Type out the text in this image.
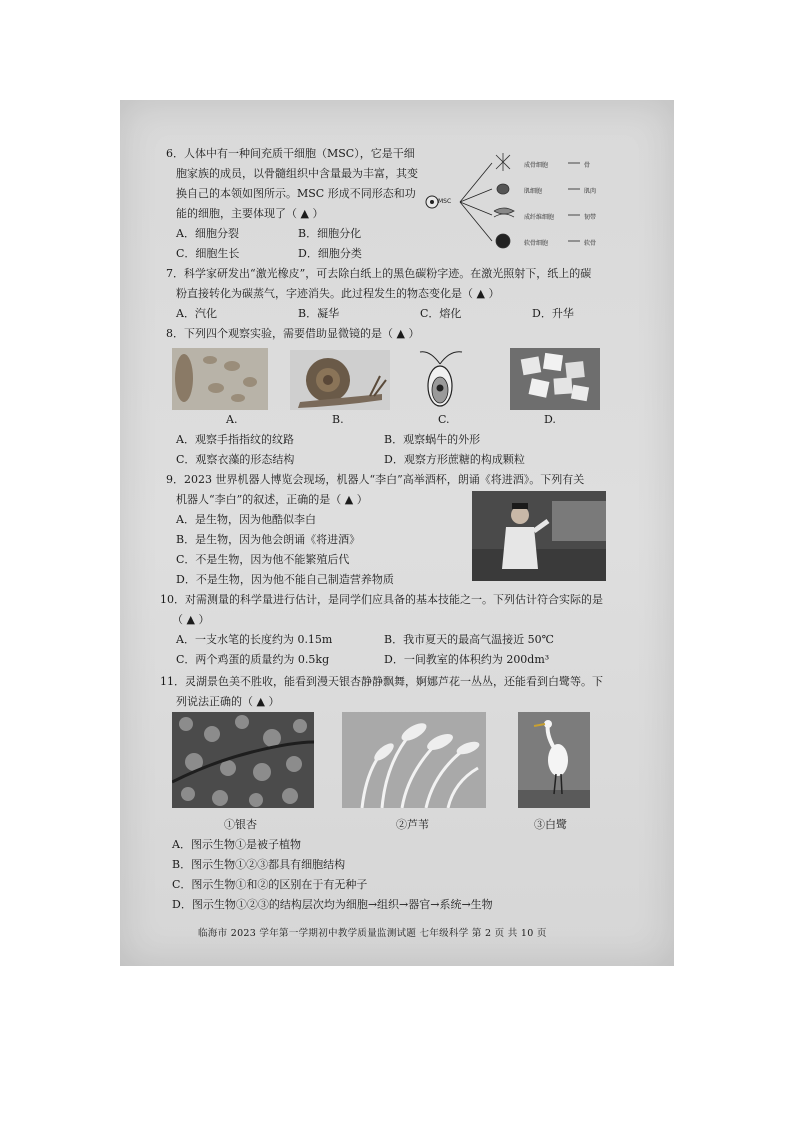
6．人体中有一种间充质干细胞（MSC），它是干细
胞家族的成员，以骨髓组织中含量最为丰富，其变
换自己的本领如图所示。MSC 形成不同形态和功
能的细胞，主要体现了（ ▲ ）
A．细胞分裂	B．细胞分化
C．细胞生长	D．细胞分类
MSC
成骨细胞	骨
肌细胞	肌肉
成纤维细胞	韧带
软骨细胞	软骨
7．科学家研发出“激光橡皮”，可去除白纸上的黑色碳粉字迹。在激光照射下，纸上的碳
粉直接转化为碳蒸气，字迹消失。此过程发生的物态变化是（ ▲ ）
A．汽化	B．凝华	C．熔化	D．升华
8．下列四个观察实验，需要借助显微镜的是（ ▲ ）
A.	B.	C.	D.
A．观察手指指纹的纹路	B．观察蜗牛的外形
C．观察衣藻的形态结构	D．观察方形蔗糖的构成颗粒
9．2023 世界机器人博览会现场，机器人“李白”高举酒杯，朗诵《将进酒》。下列有关
机器人“李白”的叙述，正确的是（ ▲ ）
A．是生物，因为他酷似李白
B．是生物，因为他会朗诵《将进酒》
C．不是生物，因为他不能繁殖后代
D．不是生物，因为他不能自己制造营养物质
10．对需测量的科学量进行估计，是同学们应具备的基本技能之一。下列估计符合实际的是
（ ▲ ）
A．一支水笔的长度约为 0.15m	B．我市夏天的最高气温接近 50℃
C．两个鸡蛋的质量约为 0.5kg	D．一间教室的体积约为 200dm³
11．灵湖景色美不胜收，能看到漫天银杏静静飘舞，婀娜芦花一丛丛，还能看到白鹭等。下
列说法正确的（ ▲ ）
①银杏	②芦苇	③白鹭
A．图示生物①是被子植物
B．图示生物①②③都具有细胞结构
C．图示生物①和②的区别在于有无种子
D．图示生物①②③的结构层次均为细胞→组织→器官→系统→生物
临海市 2023 学年第一学期初中教学质量监测试题 七年级科学 第 2 页 共 10 页
